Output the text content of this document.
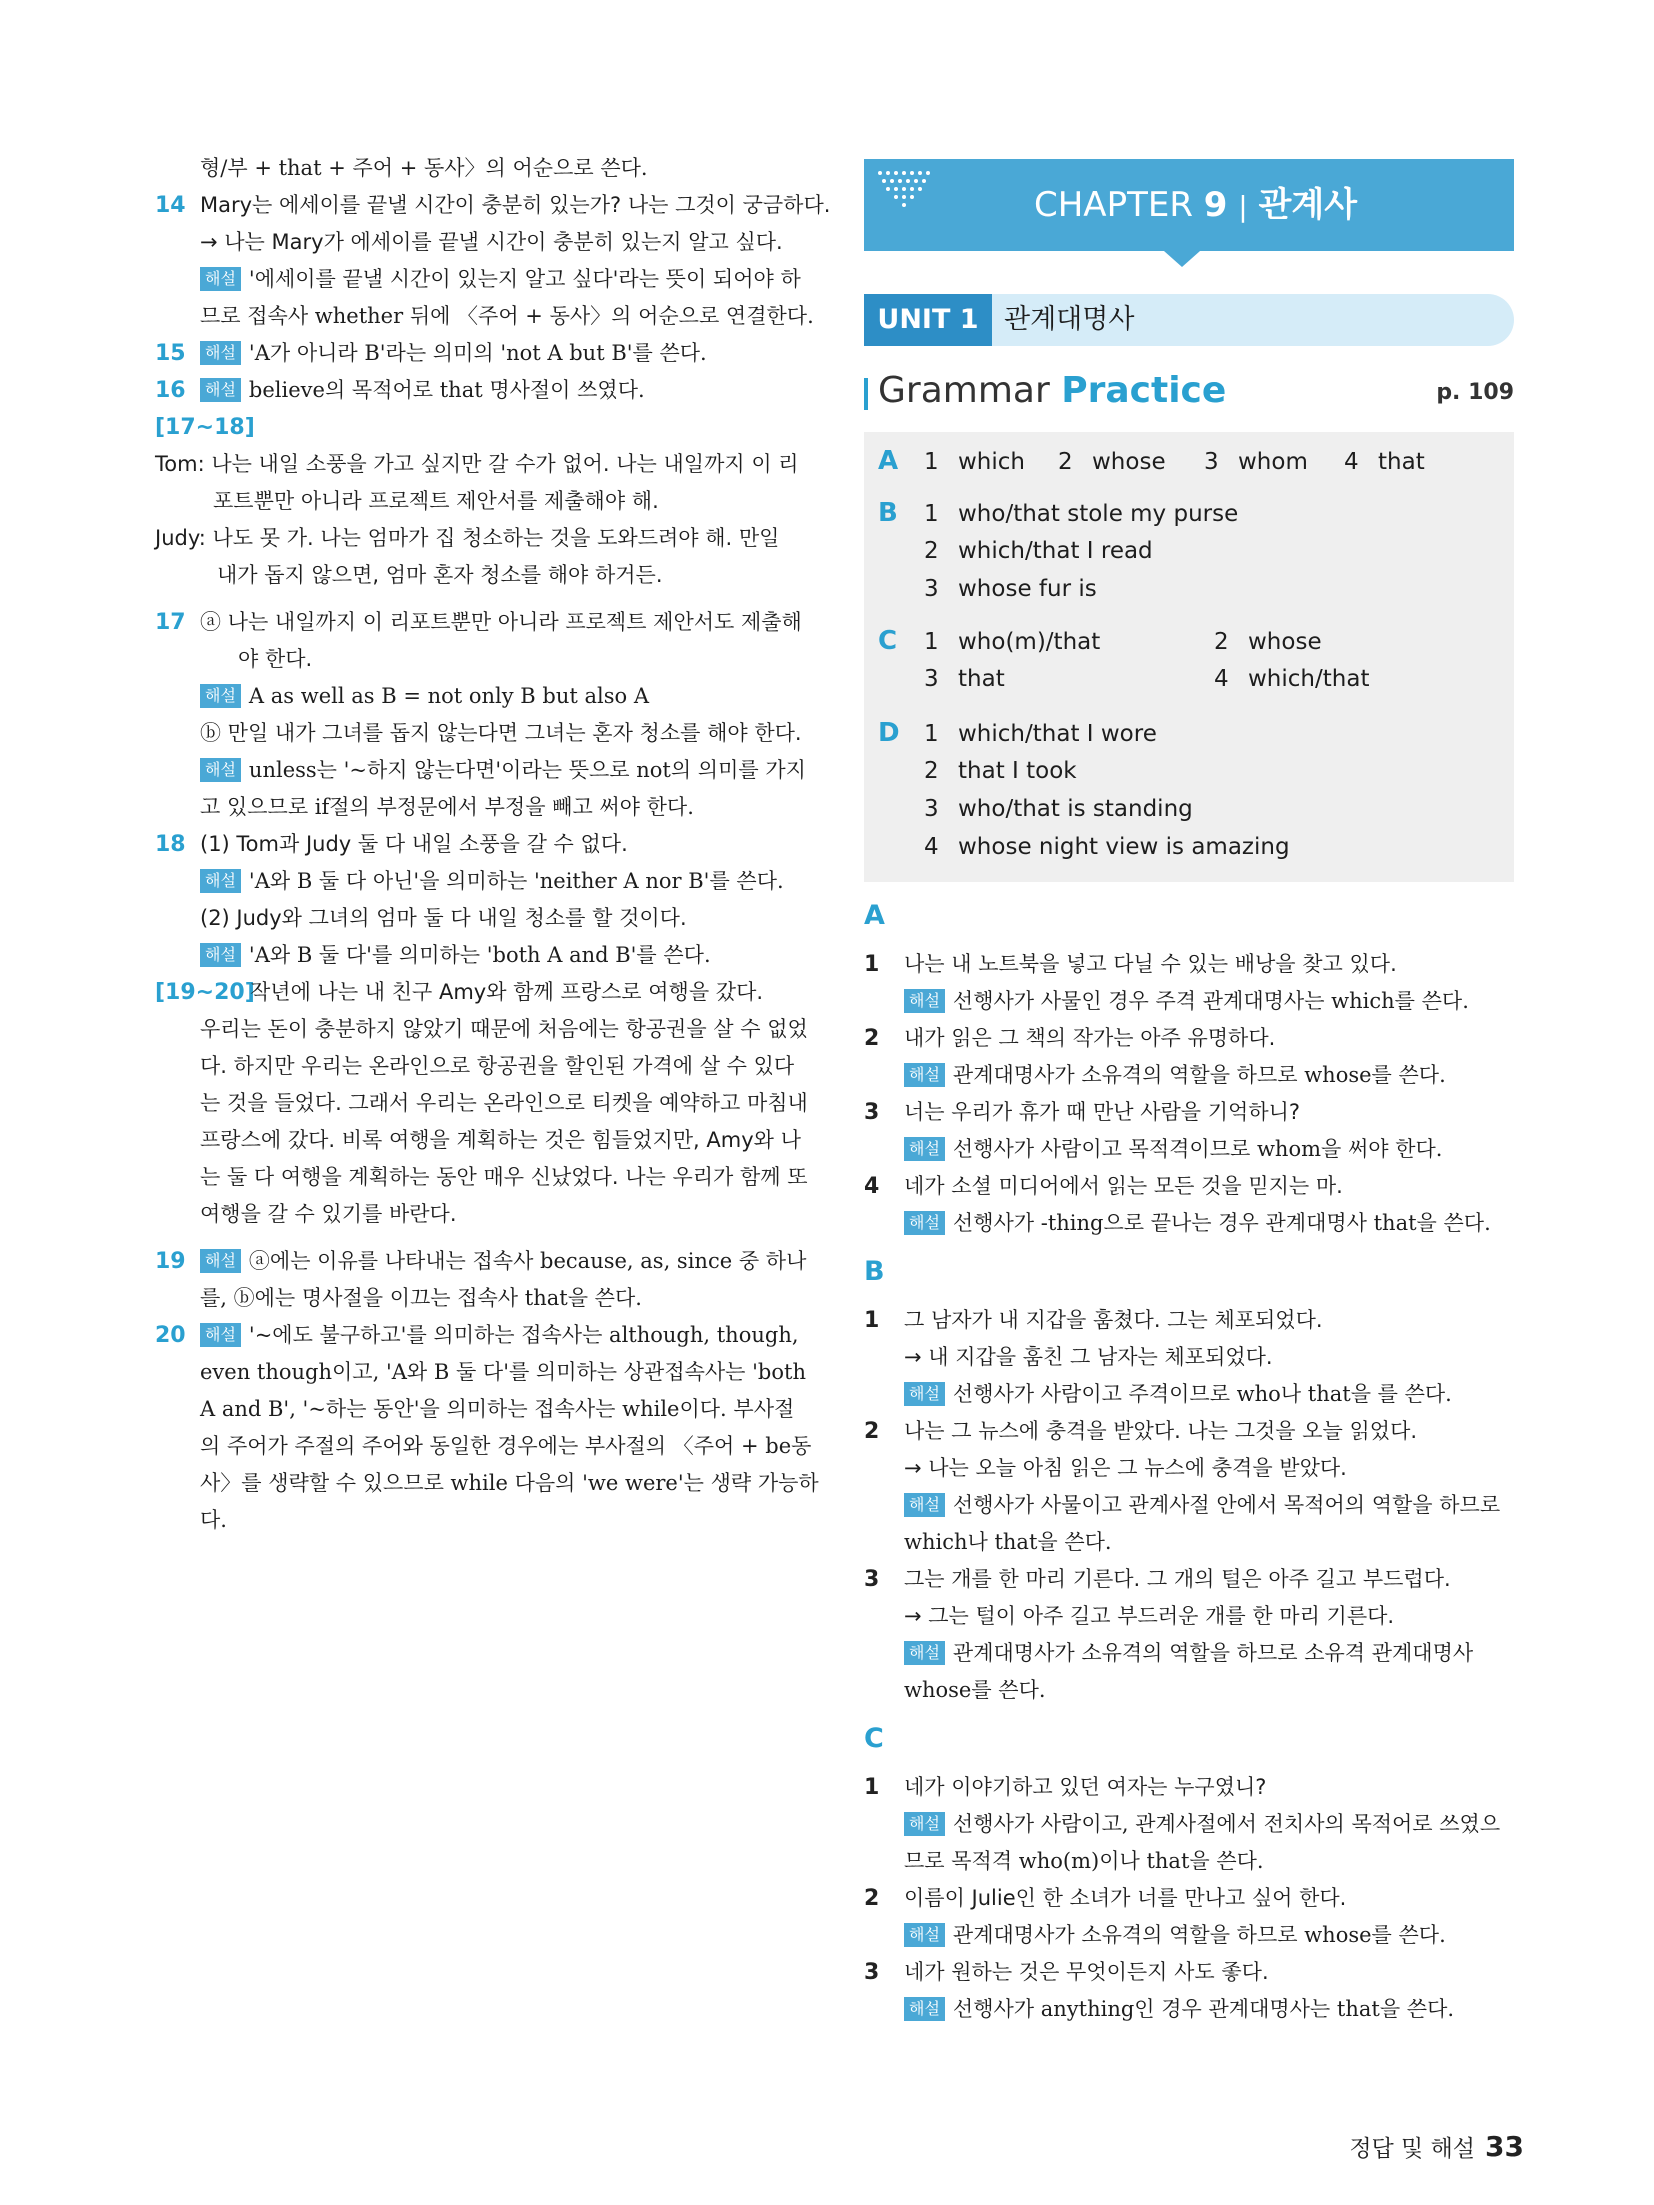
형/부 + that + 주어 + 동사〉의 어순으로 쓴다.
14 Mary는 에세이를 끝낼 시간이 충분히 있는가? 나는 그것이 궁금하다.
→ 나는 Mary가 에세이를 끝낼 시간이 충분히 있는지 알고 싶다.
해설 '에세이를 끝낼 시간이 있는지 알고 싶다'라는 뜻이 되어야 하
므로 접속사 whether 뒤에 〈주어 + 동사〉의 어순으로 연결한다.
15 해설 'A가 아니라 B'라는 의미의 'not A but B'를 쓴다.
16 해설 believe의 목적어로 that 명사절이 쓰였다.
[17~18]
Tom: 나는 내일 소풍을 가고 싶지만 갈 수가 없어. 나는 내일까지 이 리
포트뿐만 아니라 프로젝트 제안서를 제출해야 해.
Judy: 나도 못 가. 나는 엄마가 집 청소하는 것을 도와드려야 해. 만일
내가 돕지 않으면, 엄마 혼자 청소를 해야 하거든.
17 ⓐ 나는 내일까지 이 리포트뿐만 아니라 프로젝트 제안서도 제출해
야 한다.
해설 A as well as B = not only B but also A
ⓑ 만일 내가 그녀를 돕지 않는다면 그녀는 혼자 청소를 해야 한다.
해설 unless는 '~하지 않는다면'이라는 뜻으로 not의 의미를 가지
고 있으므로 if절의 부정문에서 부정을 빼고 써야 한다.
18 (1) Tom과 Judy 둘 다 내일 소풍을 갈 수 없다.
해설 'A와 B 둘 다 아닌'을 의미하는 'neither A nor B'를 쓴다.
(2) Judy와 그녀의 엄마 둘 다 내일 청소를 할 것이다.
해설 'A와 B 둘 다'를 의미하는 'both A and B'를 쓴다.
[19~20]작년에 나는 내 친구 Amy와 함께 프랑스로 여행을 갔다.
우리는 돈이 충분하지 않았기 때문에 처음에는 항공권을 살 수 없었
다. 하지만 우리는 온라인으로 항공권을 할인된 가격에 살 수 있다
는 것을 들었다. 그래서 우리는 온라인으로 티켓을 예약하고 마침내
프랑스에 갔다. 비록 여행을 계획하는 것은 힘들었지만, Amy와 나
는 둘 다 여행을 계획하는 동안 매우 신났었다. 나는 우리가 함께 또
여행을 갈 수 있기를 바란다.
19 해설 ⓐ에는 이유를 나타내는 접속사 because, as, since 중 하나
를, ⓑ에는 명사절을 이끄는 접속사 that을 쓴다.
20 해설 '~에도 불구하고'를 의미하는 접속사는 although, though,
even though이고, 'A와 B 둘 다'를 의미하는 상관접속사는 'both
A and B', '~하는 동안'을 의미하는 접속사는 while이다. 부사절
의 주어가 주절의 주어와 동일한 경우에는 부사절의 〈주어 + be동
사〉를 생략할 수 있으므로 while 다음의 'we were'는 생략 가능하
다.
CHAPTER 9 | 관계사
UNIT 1 관계대명사
Grammar Practice	p. 109
A 1 which 2 whose 3 whom 4 that
B 1 who/that stole my purse
2 which/that I read
3 whose fur is
C 1 who(m)/that	2 whose
3 that	4 which/that
D 1 which/that I wore
2 that I took
3 who/that is standing
4 whose night view is amazing
A
1 나는 내 노트북을 넣고 다닐 수 있는 배낭을 찾고 있다.
해설 선행사가 사물인 경우 주격 관계대명사는 which를 쓴다.
2 내가 읽은 그 책의 작가는 아주 유명하다.
해설 관계대명사가 소유격의 역할을 하므로 whose를 쓴다.
3 너는 우리가 휴가 때 만난 사람을 기억하니?
해설 선행사가 사람이고 목적격이므로 whom을 써야 한다.
4 네가 소셜 미디어에서 읽는 모든 것을 믿지는 마.
해설 선행사가 -thing으로 끝나는 경우 관계대명사 that을 쓴다.
B
1 그 남자가 내 지갑을 훔쳤다. 그는 체포되었다.
→ 내 지갑을 훔친 그 남자는 체포되었다.
해설 선행사가 사람이고 주격이므로 who나 that을 를 쓴다.
2 나는 그 뉴스에 충격을 받았다. 나는 그것을 오늘 읽었다.
→ 나는 오늘 아침 읽은 그 뉴스에 충격을 받았다.
해설 선행사가 사물이고 관계사절 안에서 목적어의 역할을 하므로
which나 that을 쓴다.
3 그는 개를 한 마리 기른다. 그 개의 털은 아주 길고 부드럽다.
→ 그는 털이 아주 길고 부드러운 개를 한 마리 기른다.
해설 관계대명사가 소유격의 역할을 하므로 소유격 관계대명사
whose를 쓴다.
C
1 네가 이야기하고 있던 여자는 누구였니?
해설 선행사가 사람이고, 관계사절에서 전치사의 목적어로 쓰였으
므로 목적격 who(m)이나 that을 쓴다.
2 이름이 Julie인 한 소녀가 너를 만나고 싶어 한다.
해설 관계대명사가 소유격의 역할을 하므로 whose를 쓴다.
3 네가 원하는 것은 무엇이든지 사도 좋다.
해설 선행사가 anything인 경우 관계대명사는 that을 쓴다.
정답 및 해설 33
